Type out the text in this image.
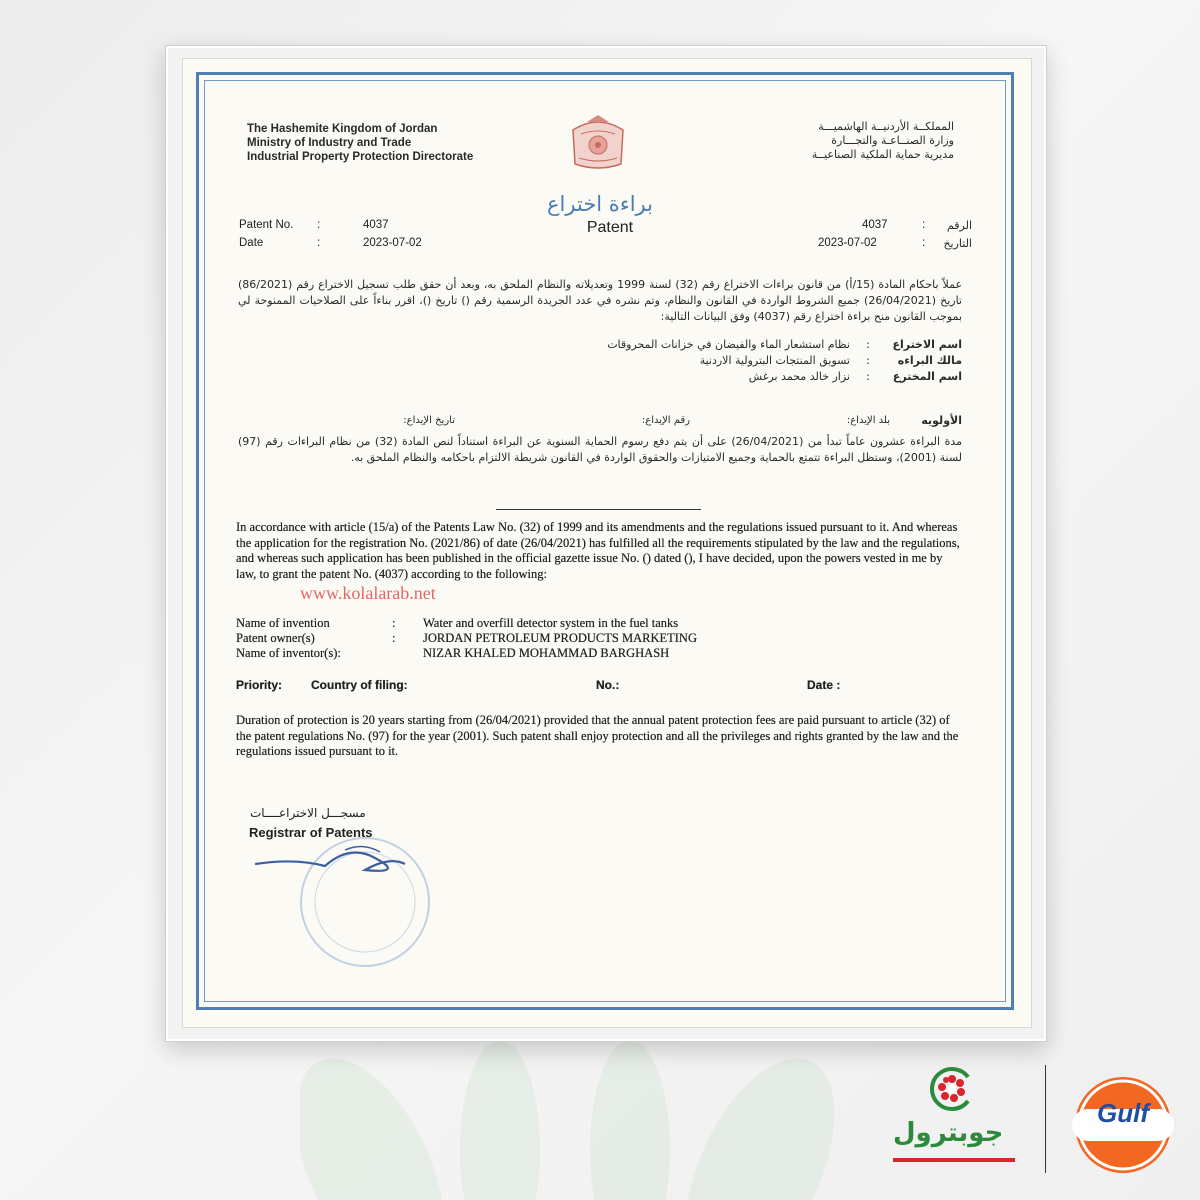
The Hashemite Kingdom of Jordan
Ministry of Industry and Trade
Industrial Property Protection Directorate
المملكــة الأردنيــة الهاشميـــة
وزارة الصنــاعـة والتجـــارة
مديرية حماية الملكية الصناعيــة
براءة اختراع
Patent
Patent No. :	4037
Date	:	2023-07-02
4037	: الرقم
2023-07-02	: التاريخ
عملاً باحكام المادة (15/أ) من قانون براءات الاختراع رقم (32) لسنة 1999 وتعديلاته والنظام الملحق به، وبعد أن حقق طلب تسجيل الاختراع رقم (86/2021) تاريخ (26/04/2021) جميع الشروط الواردة في القانون والنظام، وتم نشره في عدد الجريدة الرسمية رقم () تاريخ ()، اقرر بناءاً على الصلاحيات الممنوحة لي بموجب القانون منح براءة اختراع رقم (4037) وفق البيانات التالية:
اسم الاختراع
:
نظام استشعار الماء والفيضان في خزانات المحروقات
مالك البراءه
:
تسويق المنتجات البترولية الاردنية
اسم المخترع
:
نزار خالد محمد برغش
الأولويه
بلد الإيداع:
رقم الإيداع:
تاريخ الإيداع:
مدة البراءة عشرون عاماً تبدأ من (26/04/2021) على أن يتم دفع رسوم الحماية السنوية عن البراءة استناداً لنص المادة (32) من نظام البراءات رقم (97) لسنة (2001)، وستظل البراءة تتمتع بالحماية وجميع الامتيازات والحقوق الواردة في القانون شريطة الالتزام باحكامه والنظام الملحق به.
In accordance with article (15/a) of the Patents Law No. (32) of 1999 and its amendments and the regulations issued pursuant to it. And whereas the application for the registration No. (2021/86) of date (26/04/2021) has fulfilled all the requirements stipulated by the law and the regulations, and whereas such application has been published in the official gazette issue No. () dated (), I have decided, upon the powers vested in me by law, to grant the patent No. (4037) according to the following:
www.kolalarab.net
Name of invention	: Water and overfill detector system in the fuel tanks
Patent owner(s)	: JORDAN PETROLEUM PRODUCTS MARKETING
Name of inventor(s):	NIZAR KHALED MOHAMMAD BARGHASH
Priority: Country of filing:	No.:	Date :
Duration of protection is 20 years starting from (26/04/2021) provided that the annual patent protection fees are paid pursuant to article (32) of the patent regulations No. (97) for the year (2001). Such patent shall enjoy protection and all the privileges and rights granted by the law and the regulations issued pursuant to it.
مسجـــل الاختراعــــات
Registrar of Patents
جوبترول
Gulf
